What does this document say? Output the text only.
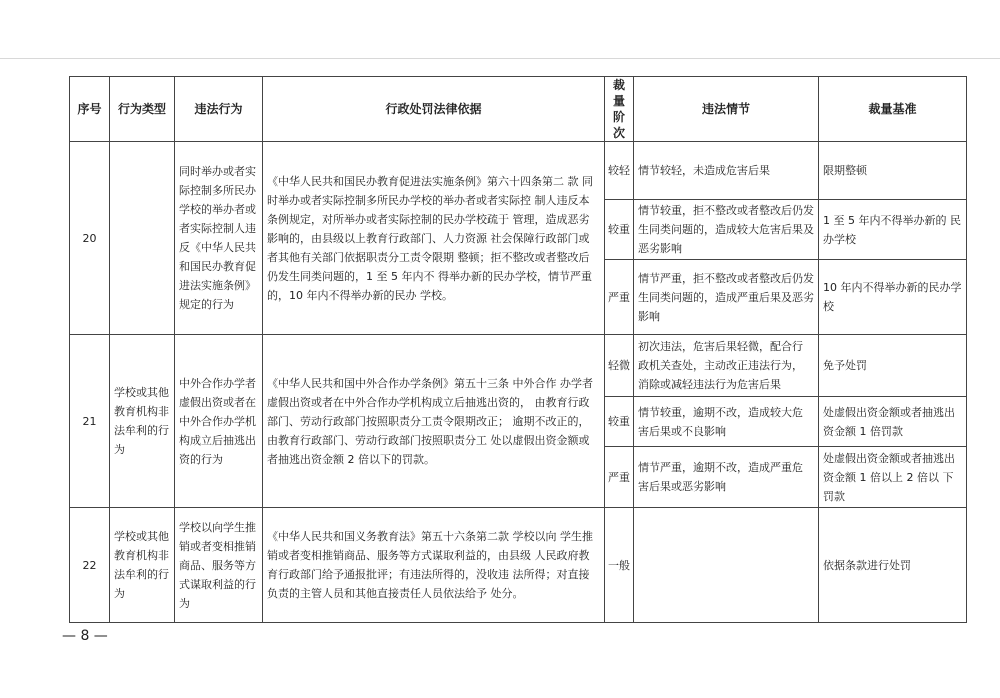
序号	行为类型	违法行为	行政处罚法律依据	裁量阶次	违法情节	裁量基准
20		同时举办或者实际控制多所民办学校的举办者或者实际控制人违反《中华人民共和国民办教育促进法实施条例》规定的行为	《中华人民共和国民办教育促进法实施条例》第六十四条第二 款 同时举办或者实际控制多所民办学校的举办者或者实际控 制人违反本条例规定，对所举办或者实际控制的民办学校疏于 管理，造成恶劣影响的，由县级以上教育行政部门、人力资源 社会保障行政部门或者其他有关部门依据职责分工责令限期 整顿；拒不整改或者整改后仍发生同类问题的，1 至 5 年内不 得举办新的民办学校，情节严重的，10 年内不得举办新的民办 学校。	较轻	情节较轻，未造成危害后果	限期整顿
				较重	情节较重，拒不整改或者整改后仍发生同类问题的，造成较大危害后果及恶劣影响	1 至 5 年内不得举办新的 民办学校
				严重	情节严重，拒不整改或者整改后仍发生同类问题的，造成严重后果及恶劣影响	10 年内不得举办新的民办学校
21	学校或其他教育机构非法牟利的行为	中外合作办学者虚假出资或者在中外合作办学机构成立后抽逃出资的行为	《中华人民共和国中外合作办学条例》第五十三条 中外合作 办学者虚假出资或者在中外合作办学机构成立后抽逃出资的， 由教育行政部门、劳动行政部门按照职责分工责令限期改正； 逾期不改正的，由教育行政部门、劳动行政部门按照职责分工 处以虚假出资金额或者抽逃出资金额 2 倍以下的罚款。	轻微	初次违法，危害后果轻微，配合行 政机关查处，主动改正违法行为， 消除或减轻违法行为危害后果	免予处罚
				较重	情节较重，逾期不改，造成较大危 害后果或不良影响	处虚假出资金额或者抽逃出资金额 1 倍罚款
				严重	情节严重，逾期不改，造成严重危 害后果或恶劣影响	处虚假出资金额或者抽逃出资金额 1 倍以上 2 倍以 下罚款
22	学校或其他教育机构非法牟利的行为	学校以向学生推销或者变相推销商品、服务等方式谋取利益的行为	《中华人民共和国义务教育法》第五十六条第二款 学校以向 学生推销或者变相推销商品、服务等方式谋取利益的，由县级 人民政府教育行政部门给予通报批评；有违法所得的，没收违 法所得；对直接负责的主管人员和其他直接责任人员依法给予 处分。	一般		依据条款进行处罚
— 8 —
